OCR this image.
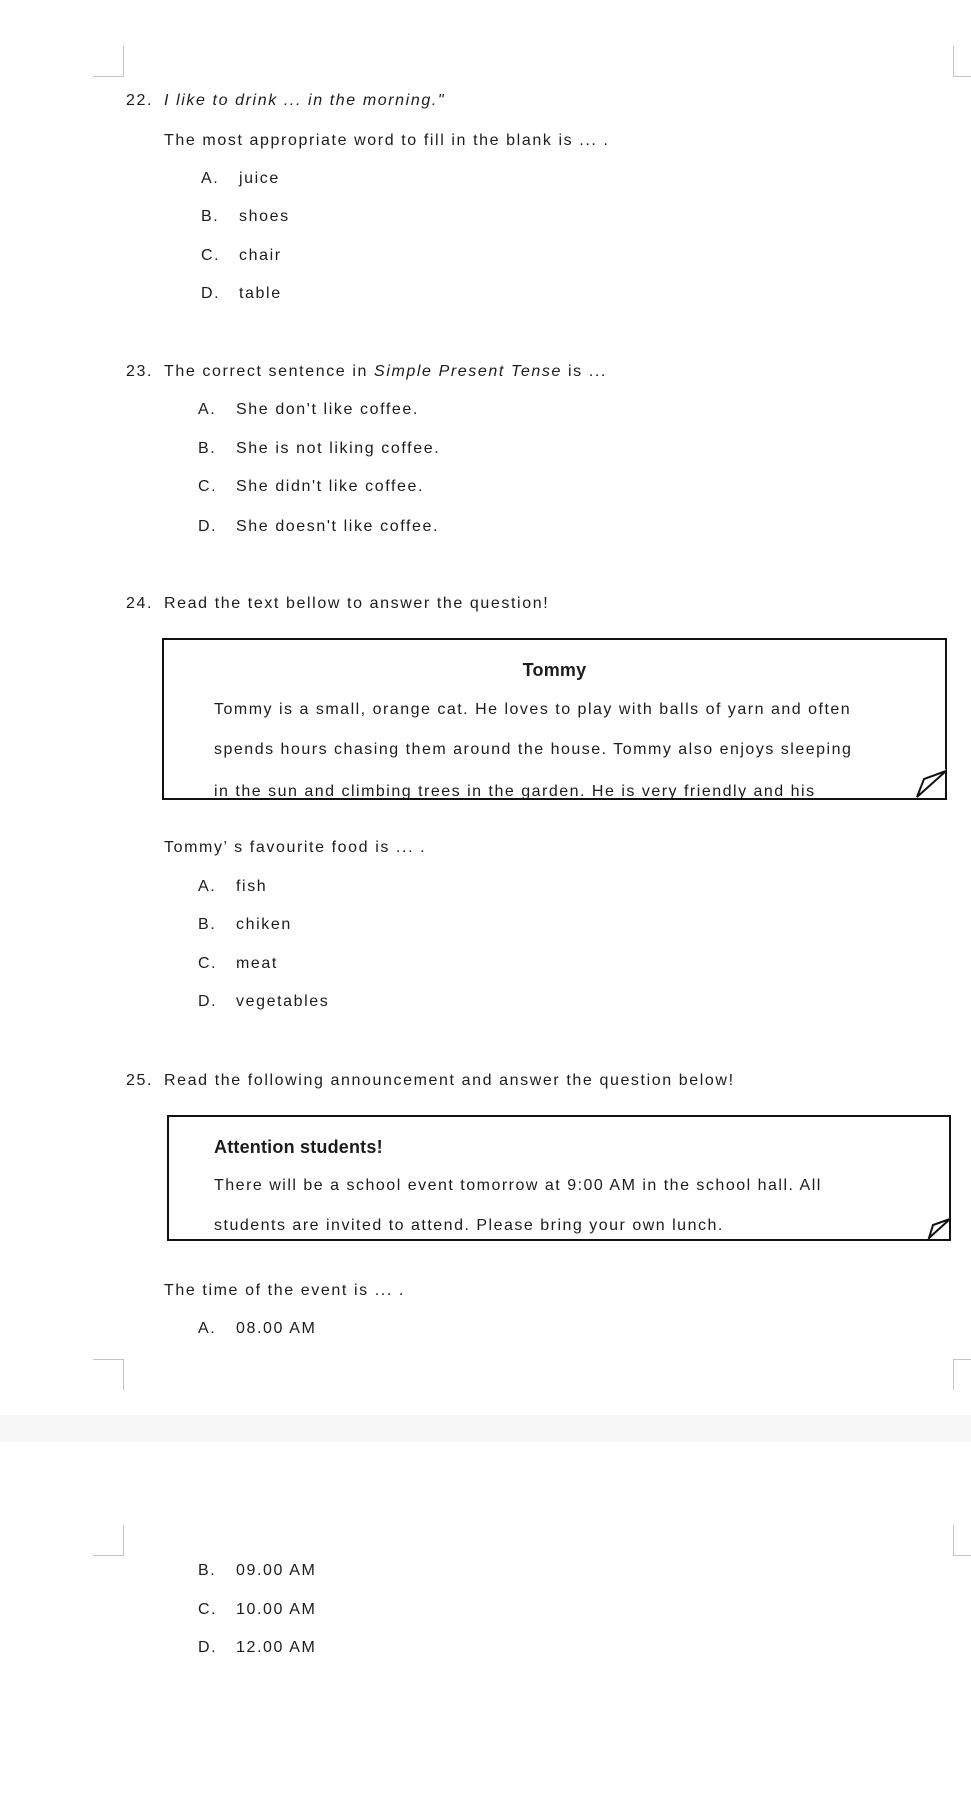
22. I like to drink ... in the morning."
The most appropriate word to fill in the blank is ... .
A. juice
B. shoes
C. chair
D. table
23. The correct sentence in Simple Present Tense is ...
A. She don't like coffee.
B. She is not liking coffee.
C. She didn't like coffee.
D. She doesn't like coffee.
24. Read the text bellow to answer the question!
Tommy
Tommy is a small, orange cat. He loves to play with balls of yarn and often
spends hours chasing them around the house. Tommy also enjoys sleeping
in the sun and climbing trees in the garden. He is very friendly and his
Tommy’ s favourite food is ... .
A. fish
B. chiken
C. meat
D. vegetables
25. Read the following announcement and answer the question below!
Attention students!
There will be a school event tomorrow at 9:00 AM in the school hall. All
students are invited to attend. Please bring your own lunch.
The time of the event is ... .
A. 08.00 AM
B. 09.00 AM
C. 10.00 AM
D. 12.00 AM
